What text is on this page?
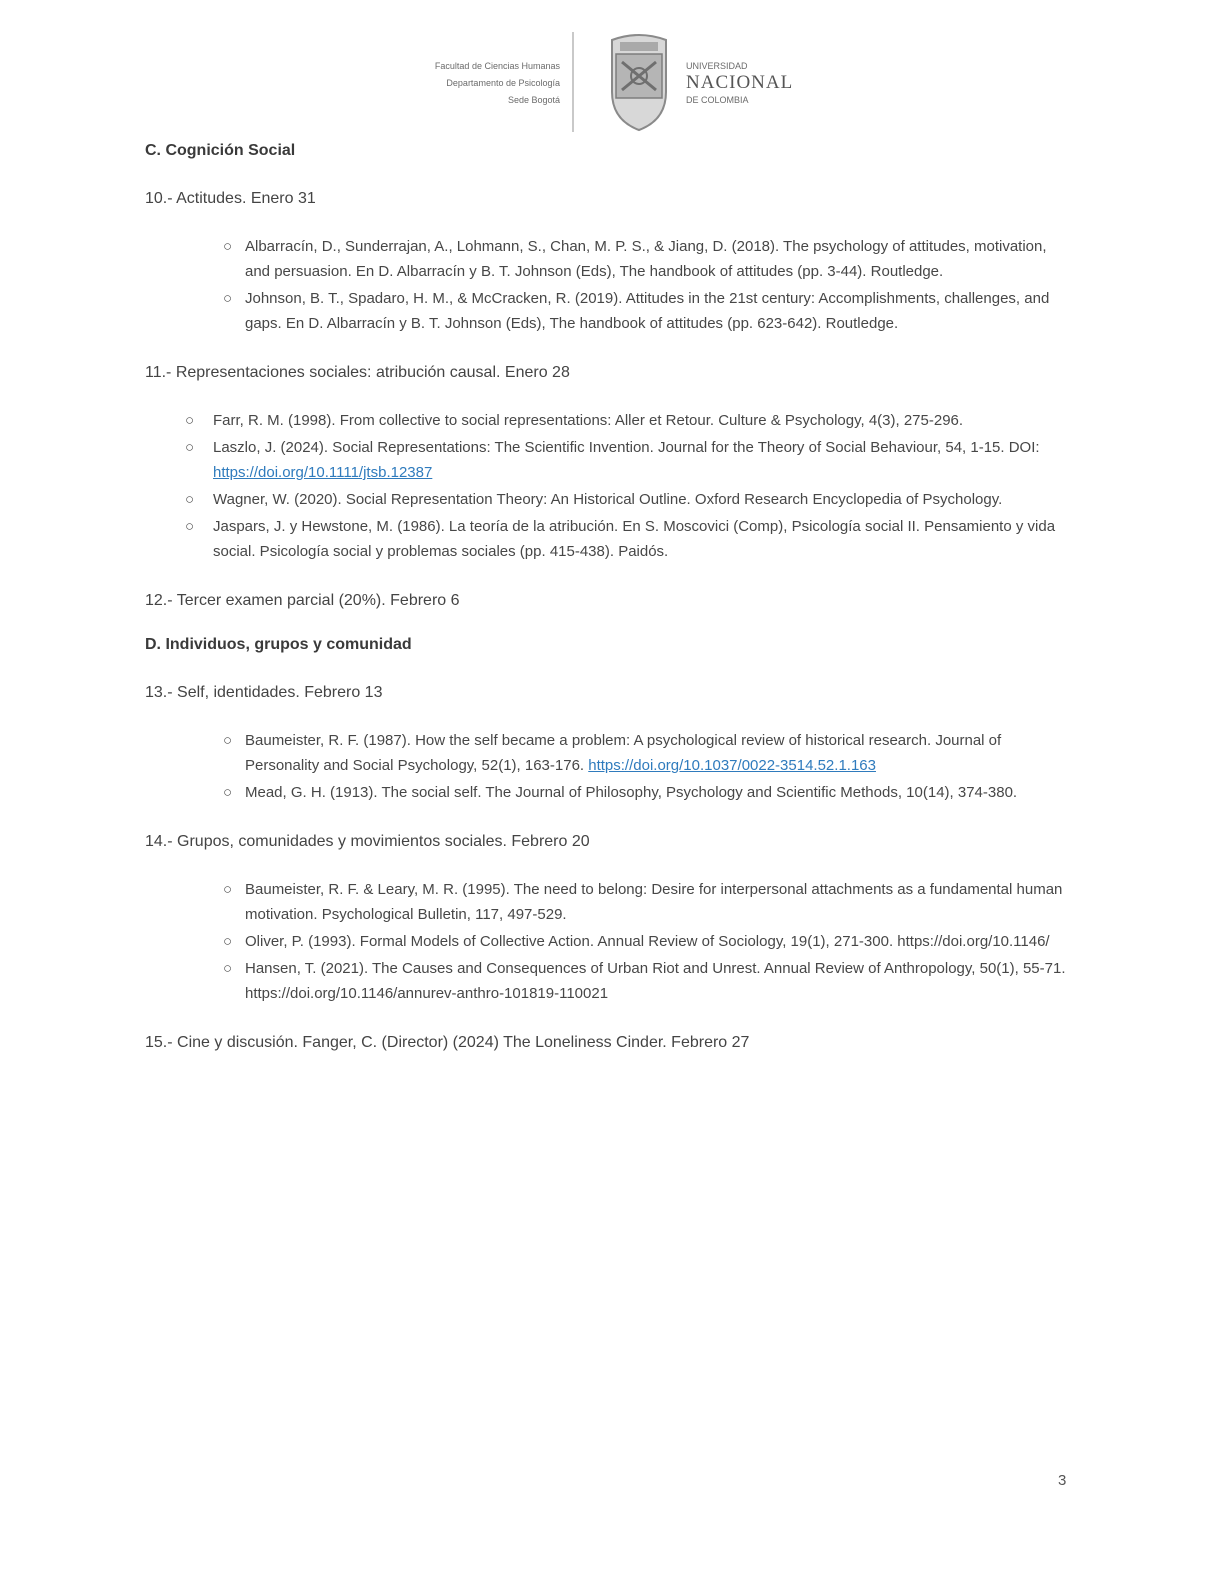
Facultad de Ciencias Humanas
Departamento de Psicología
Sede Bogotá
UNIVERSIDAD
NACIONAL
DE COLOMBIA
C. Cognición Social
10.- Actitudes. Enero 31
○ Albarracín, D., Sunderrajan, A., Lohmann, S., Chan, M. P. S., & Jiang, D. (2018). The psychology of attitudes, motivation, and persuasion. En D. Albarracín y B. T. Johnson (Eds), The handbook of attitudes (pp. 3-44). Routledge.
○ Johnson, B. T., Spadaro, H. M., & McCracken, R. (2019). Attitudes in the 21st century: Accomplishments, challenges, and gaps. En D. Albarracín y B. T. Johnson (Eds), The handbook of attitudes (pp. 623-642). Routledge.
11.- Representaciones sociales: atribución causal. Enero 28
○ Farr, R. M. (1998). From collective to social representations: Aller et Retour. Culture & Psychology, 4(3), 275-296.
○ Laszlo, J. (2024). Social Representations: The Scientific Invention. Journal for the Theory of Social Behaviour, 54, 1-15. DOI: https://doi.org/10.1111/jtsb.12387
○ Wagner, W. (2020). Social Representation Theory: An Historical Outline. Oxford Research Encyclopedia of Psychology.
○ Jaspars, J. y Hewstone, M. (1986). La teoría de la atribución. En S. Moscovici (Comp), Psicología social II. Pensamiento y vida social. Psicología social y problemas sociales (pp. 415-438). Paidós.
12.- Tercer examen parcial (20%). Febrero 6
D. Individuos, grupos y comunidad
13.- Self, identidades. Febrero 13
○ Baumeister, R. F. (1987). How the self became a problem: A psychological review of historical research. Journal of Personality and Social Psychology, 52(1), 163-176. https://doi.org/10.1037/0022-3514.52.1.163
○ Mead, G. H. (1913). The social self. The Journal of Philosophy, Psychology and Scientific Methods, 10(14), 374-380.
14.- Grupos, comunidades y movimientos sociales. Febrero 20
○ Baumeister, R. F. & Leary, M. R. (1995). The need to belong: Desire for interpersonal attachments as a fundamental human motivation. Psychological Bulletin, 117, 497-529.
○ Oliver, P. (1993). Formal Models of Collective Action. Annual Review of Sociology, 19(1), 271-300. https://doi.org/10.1146/
○ Hansen, T. (2021). The Causes and Consequences of Urban Riot and Unrest. Annual Review of Anthropology, 50(1), 55-71. https://doi.org/10.1146/annurev-anthro-101819-110021
15.- Cine y discusión. Fanger, C. (Director) (2024) The Loneliness Cinder. Febrero 27
3
